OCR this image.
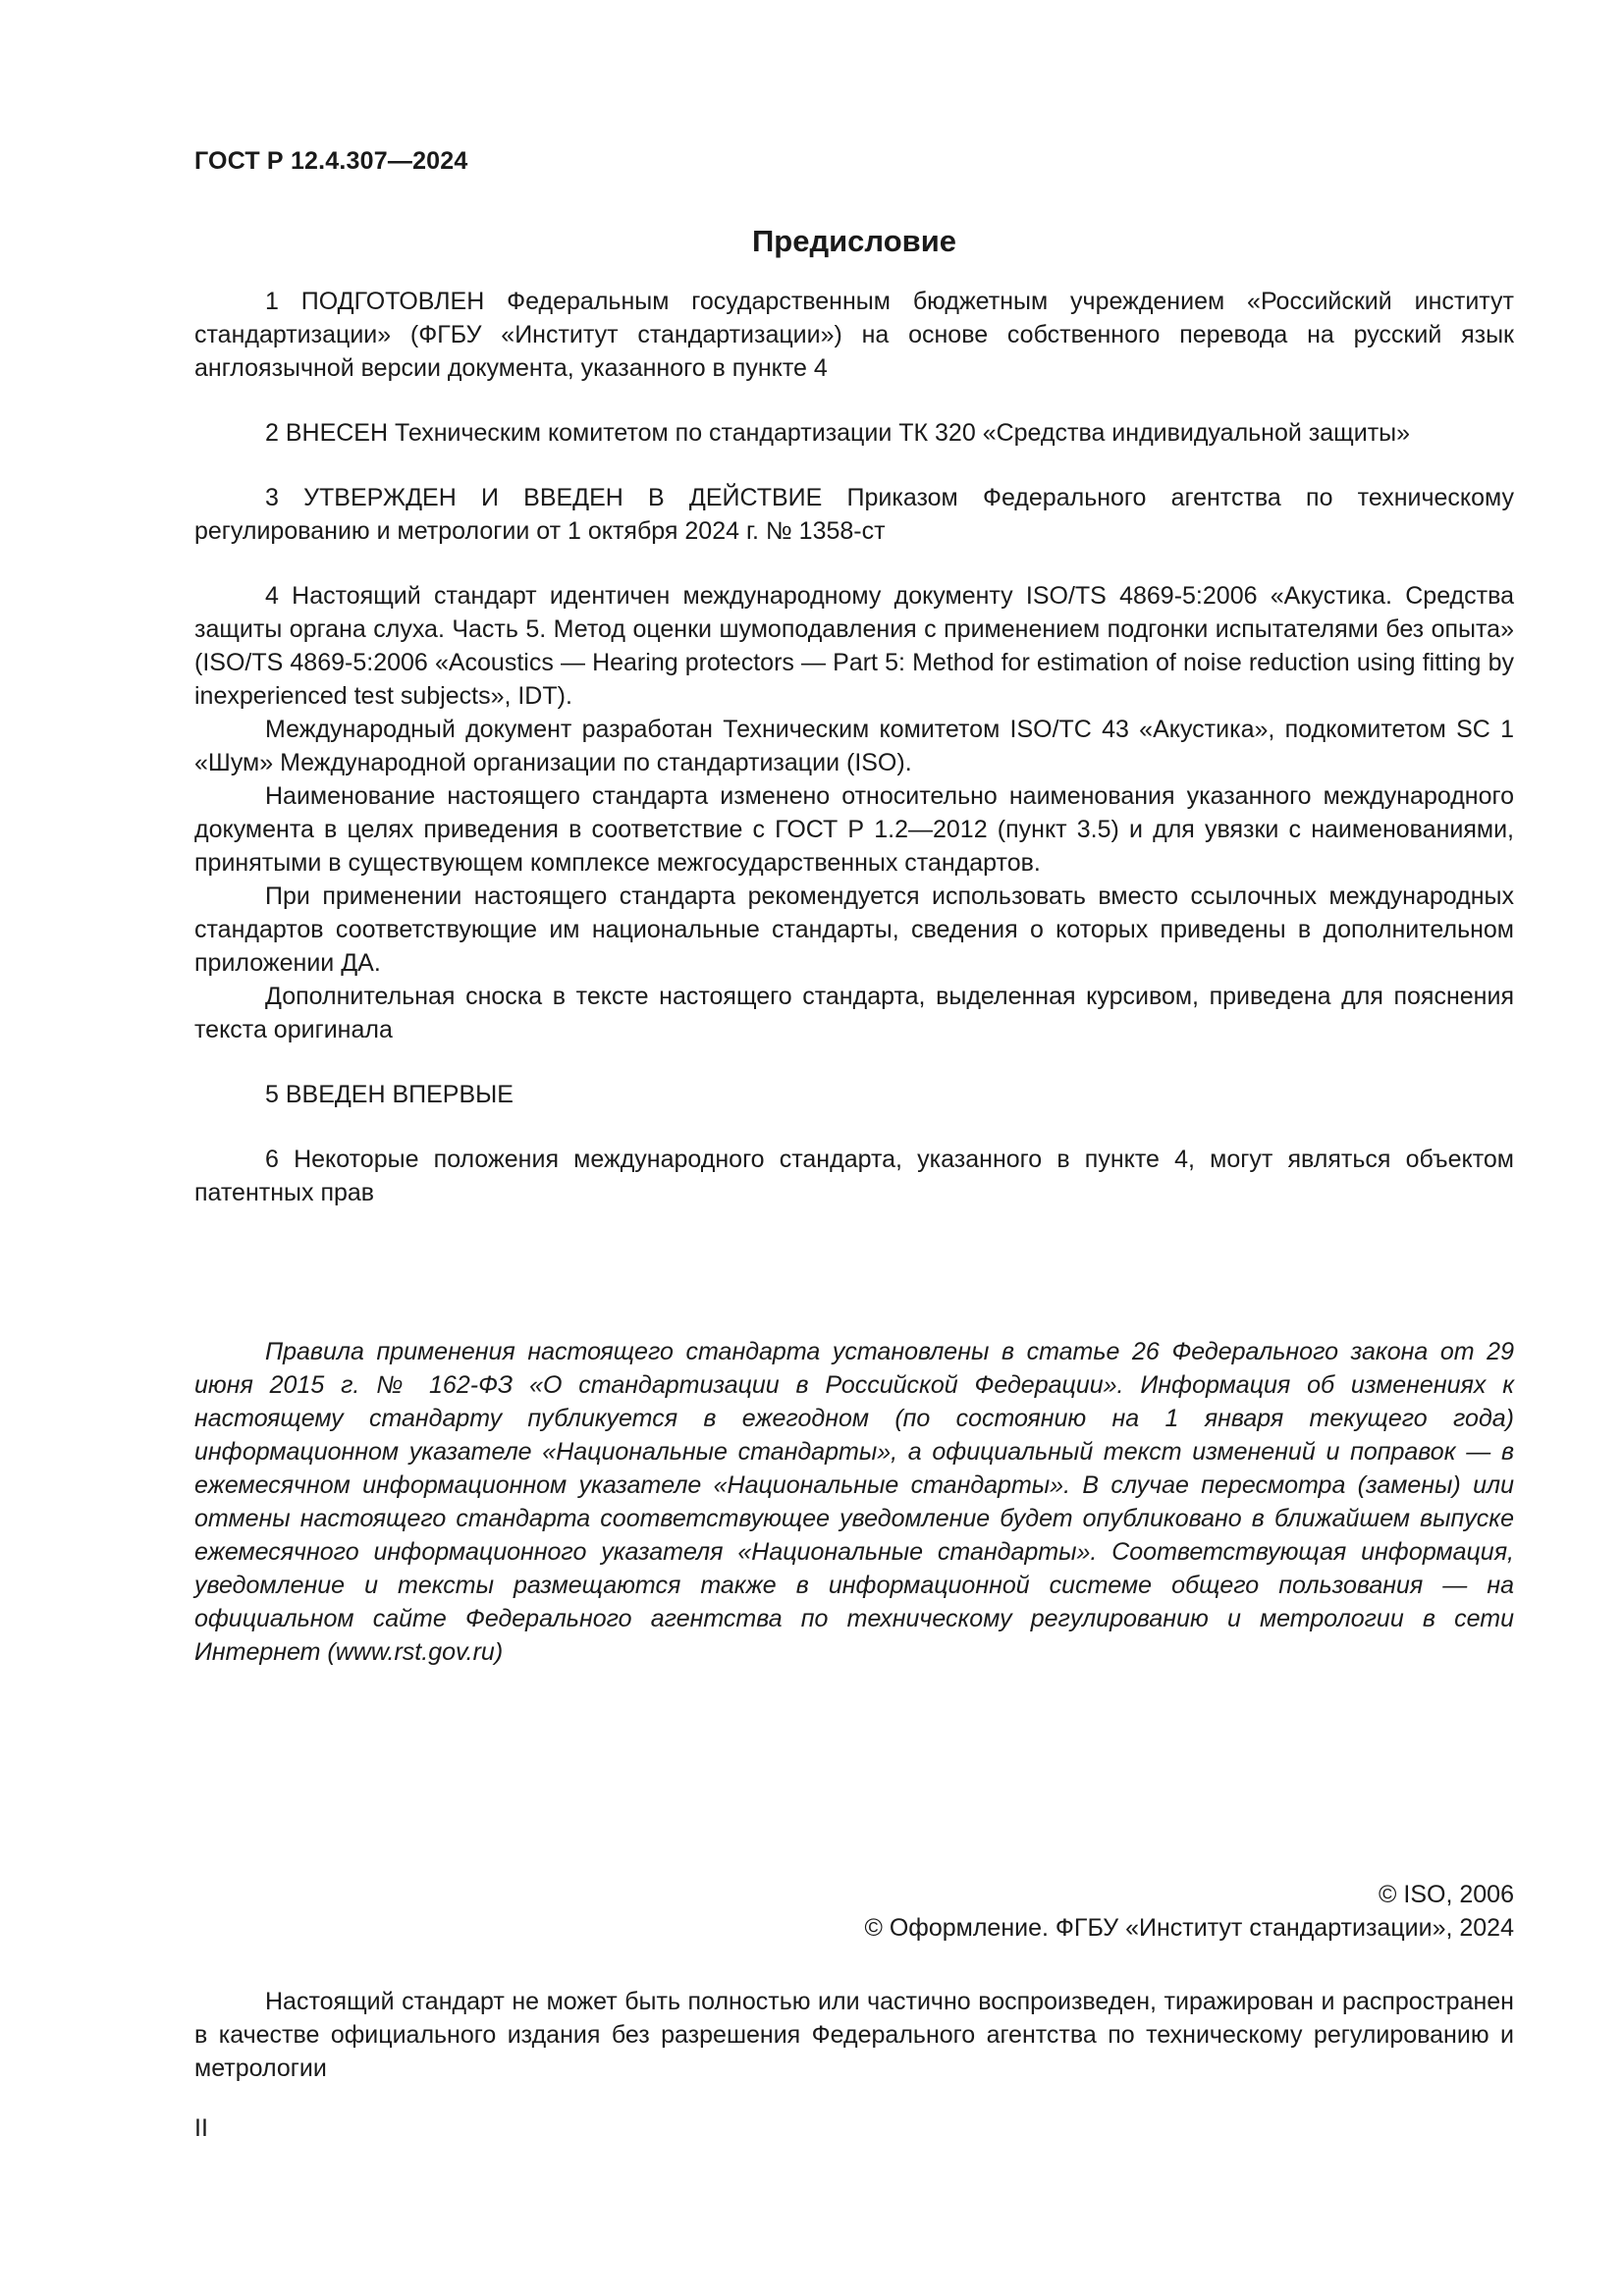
ГОСТ Р 12.4.307—2024
Предисловие

1 ПОДГОТОВЛЕН Федеральным государственным бюджетным учреждением «Российский институт стандартизации» (ФГБУ «Институт стандартизации») на основе собственного перевода на русский язык англоязычной версии документа, указанного в пункте 4

2 ВНЕСЕН Техническим комитетом по стандартизации ТК 320 «Средства индивидуальной защиты»

3 УТВЕРЖДЕН И ВВЕДЕН В ДЕЙСТВИЕ Приказом Федерального агентства по техническому регулированию и метрологии от 1 октября 2024 г. № 1358-ст

4 Настоящий стандарт идентичен международному документу ISO/TS 4869-5:2006 «Акустика. Средства защиты органа слуха. Часть 5. Метод оценки шумоподавления с применением подгонки испытателями без опыта» (ISO/TS 4869-5:2006 «Acoustics — Hearing protectors — Part 5: Method for estimation of noise reduction using fitting by inexperienced test subjects», IDT).

Международный документ разработан Техническим комитетом ISO/TC 43 «Акустика», подкомитетом SC 1 «Шум» Международной организации по стандартизации (ISO).

Наименование настоящего стандарта изменено относительно наименования указанного международного документа в целях приведения в соответствие с ГОСТ Р 1.2—2012 (пункт 3.5) и для увязки с наименованиями, принятыми в существующем комплексе межгосударственных стандартов.

При применении настоящего стандарта рекомендуется использовать вместо ссылочных международных стандартов соответствующие им национальные стандарты, сведения о которых приведены в дополнительном приложении ДА.

Дополнительная сноска в тексте настоящего стандарта, выделенная курсивом, приведена для пояснения текста оригинала

5 ВВЕДЕН ВПЕРВЫЕ

6 Некоторые положения международного стандарта, указанного в пункте 4, могут являться объектом патентных прав

Правила применения настоящего стандарта установлены в статье 26 Федерального закона от 29 июня 2015 г. № 162-ФЗ «О стандартизации в Российской Федерации». Информация об изменениях к настоящему стандарту публикуется в ежегодном (по состоянию на 1 января текущего года) информационном указателе «Национальные стандарты», а официальный текст изменений и поправок — в ежемесячном информационном указателе «Национальные стандарты». В случае пересмотра (замены) или отмены настоящего стандарта соответствующее уведомление будет опубликовано в ближайшем выпуске ежемесячного информационного указателя «Национальные стандарты». Соответствующая информация, уведомление и тексты размещаются также в информационной системе общего пользования — на официальном сайте Федерального агентства по техническому регулированию и метрологии в сети Интернет (www.rst.gov.ru)

© ISO, 2006
© Оформление. ФГБУ «Институт стандартизации», 2024

Настоящий стандарт не может быть полностью или частично воспроизведен, тиражирован и распространен в качестве официального издания без разрешения Федерального агентства по техническому регулированию и метрологии

II
